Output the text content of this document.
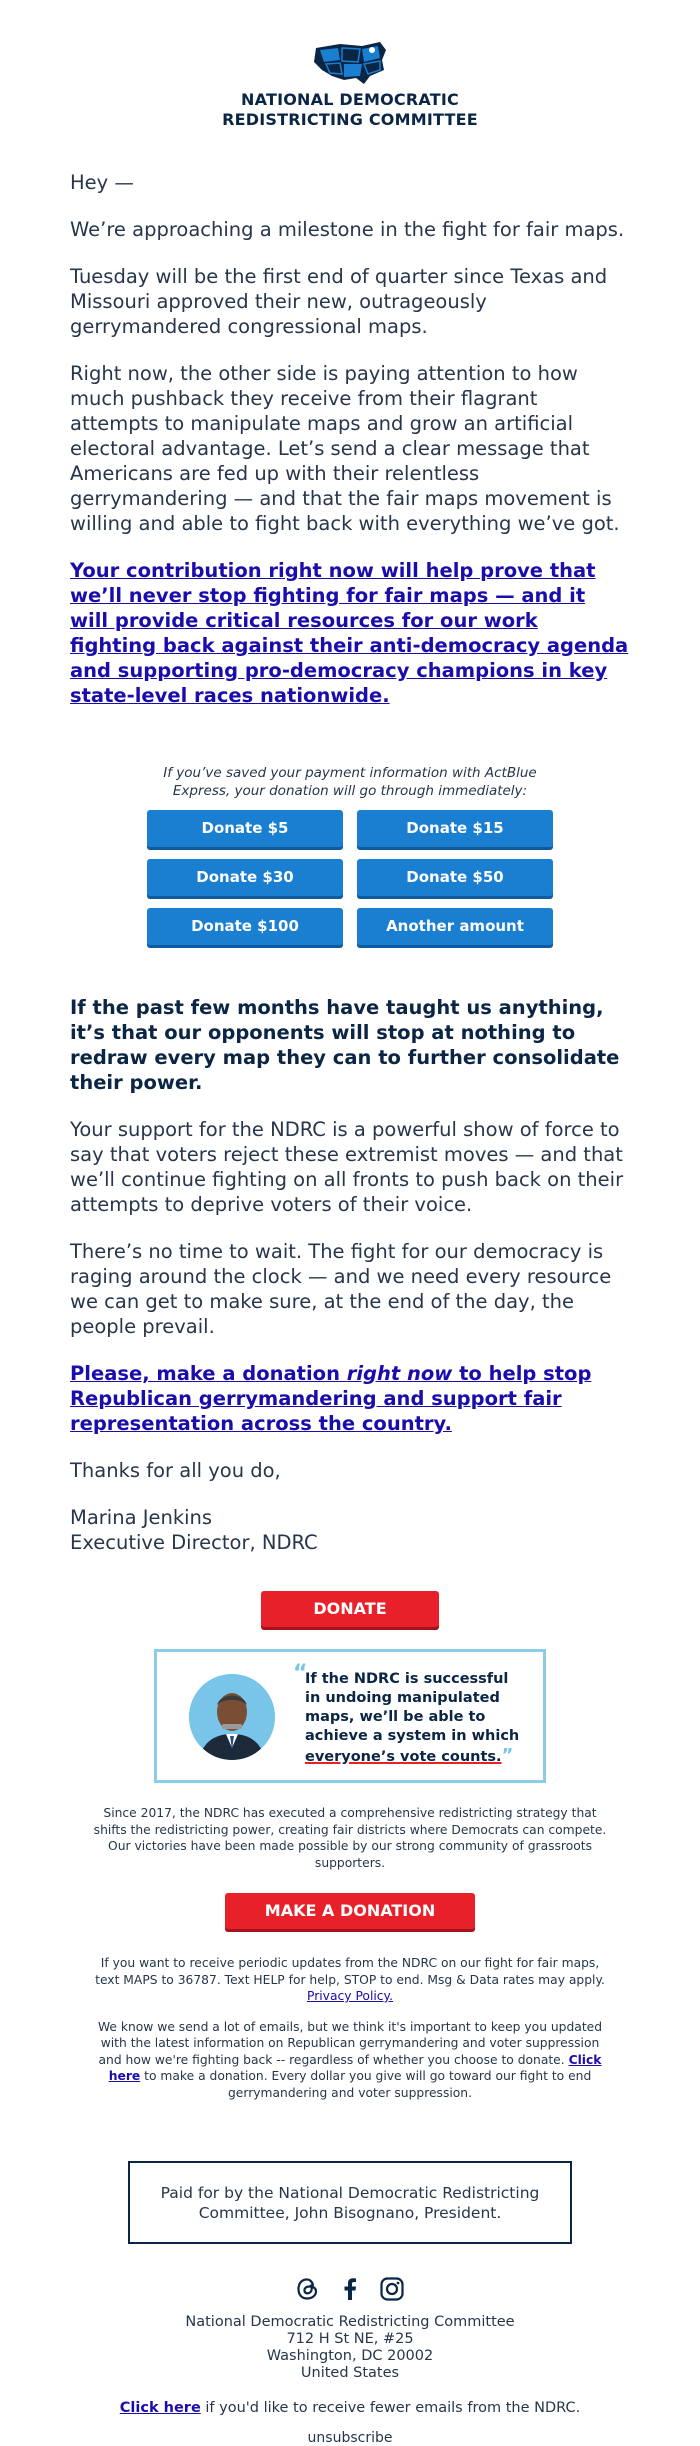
NATIONAL DEMOCRATIC
REDISTRICTING COMMITTEE

Hey —

We’re approaching a milestone in the fight for fair maps.

Tuesday will be the first end of quarter since Texas and Missouri approved their new, outrageously gerrymandered congressional maps.

Right now, the other side is paying attention to how much pushback they receive from their flagrant attempts to manipulate maps and grow an artificial electoral advantage. Let’s send a clear message that Americans are fed up with their relentless gerrymandering — and that the fair maps movement is willing and able to fight back with everything we’ve got.

Your contribution right now will help prove that we’ll never stop fighting for fair maps — and it will provide critical resources for our work fighting back against their anti-democracy agenda and supporting pro-democracy champions in key state-level races nationwide.
If you’ve saved your payment information with ActBlue Express, your donation will go through immediately:
Donate $5	Donate $15
Donate $30	Donate $50
Donate $100	Another amount

If the past few months have taught us anything, it’s that our opponents will stop at nothing to redraw every map they can to further consolidate their power.

Your support for the NDRC is a powerful show of force to say that voters reject these extremist moves — and that we’ll continue fighting on all fronts to push back on their attempts to deprive voters of their voice.

There’s no time to wait. The fight for our democracy is raging around the clock — and we need every resource we can get to make sure, at the end of the day, the people prevail.

Please, make a donation right now to help stop Republican gerrymandering and support fair representation across the country.

Thanks for all you do,

Marina Jenkins

Executive Director, NDRC

DONATE
“
If the NDRC is successful in undoing manipulated maps, we’ll be able to achieve a system in which everyone’s vote counts.”

Since 2017, the NDRC has executed a comprehensive redistricting strategy that shifts the redistricting power, creating fair districts where Democrats can compete. Our victories have been made possible by our strong community of grassroots supporters.

MAKE A DONATION

If you want to receive periodic updates from the NDRC on our fight for fair maps, text MAPS to 36787. Text HELP for help, STOP to end. Msg & Data rates may apply. Privacy Policy.

We know we send a lot of emails, but we think it's important to keep you updated with the latest information on Republican gerrymandering and voter suppression and how we're fighting back -- regardless of whether you choose to donate. Click here to make a donation. Every dollar you give will go toward our fight to end gerrymandering and voter suppression.

Paid for by the National Democratic Redistricting Committee, John Bisognano, President.
National Democratic Redistricting Committee
712 H St NE, #25
Washington, DC 20002
United States
Click here if you'd like to receive fewer emails from the NDRC.
unsubscribe
